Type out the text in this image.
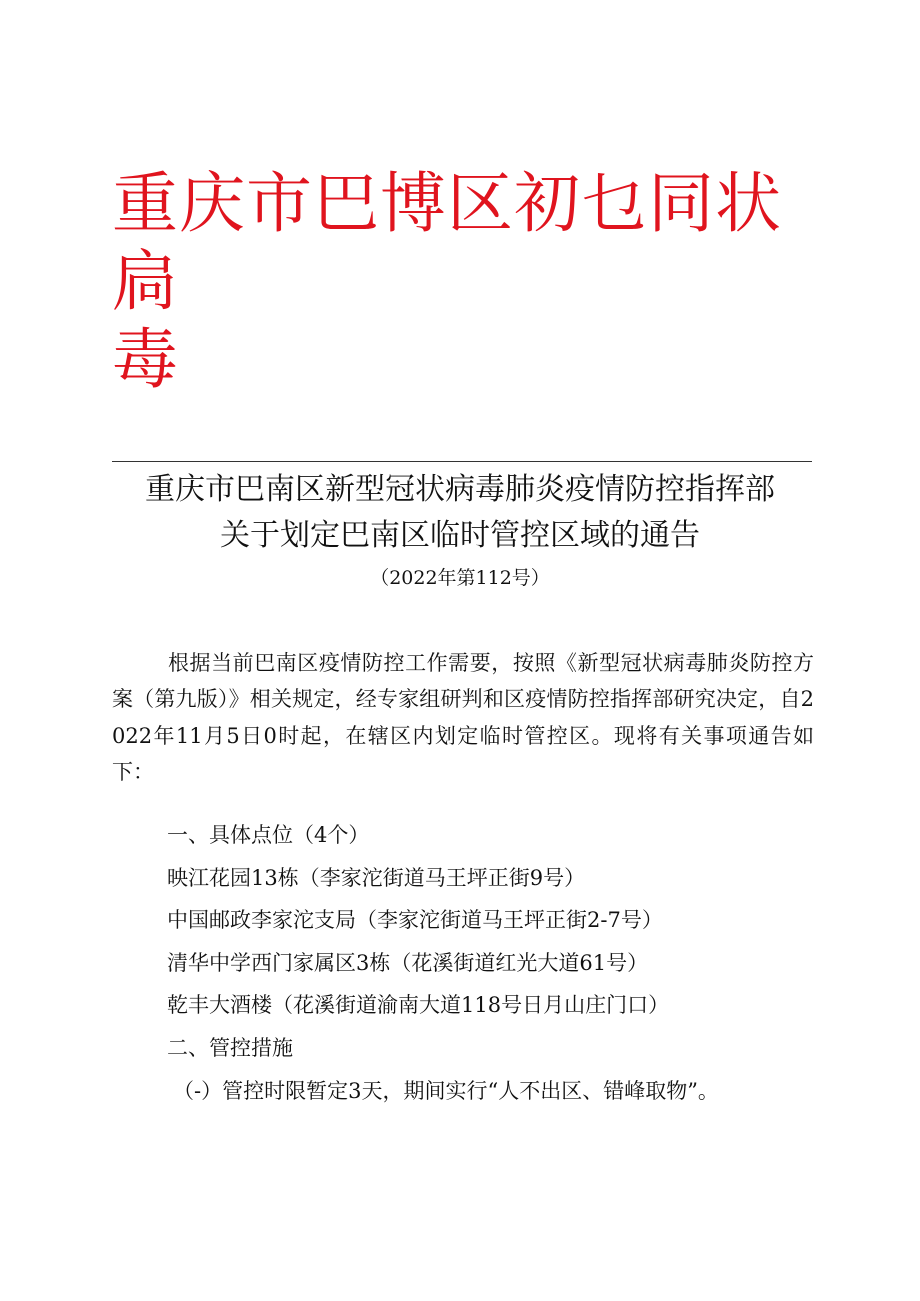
重庆市巴博区初乜同状扃
毒
重庆市巴南区新型冠状病毒肺炎疫情防控指挥部
关于划定巴南区临时管控区域的通告
（2022年第112号）
根据当前巴南区疫情防控工作需要，按照《新型冠状病毒肺炎防控方案（第九版）》相关规定，经专家组研判和区疫情防控指挥部研究决定，自2022年11月5日0时起，在辖区内划定临时管控区。现将有关事项通告如下：
一、具体点位（4个）
映江花园13栋（李家沱街道马王坪正街9号）
中国邮政李家沱支局（李家沱街道马王坪正街2-7号）
清华中学西门家属区3栋（花溪街道红光大道61号）
乾丰大酒楼（花溪街道渝南大道118号日月山庄门口）
二、管控措施
（-）管控时限暂定3天，期间实行“人不出区、错峰取物”。
